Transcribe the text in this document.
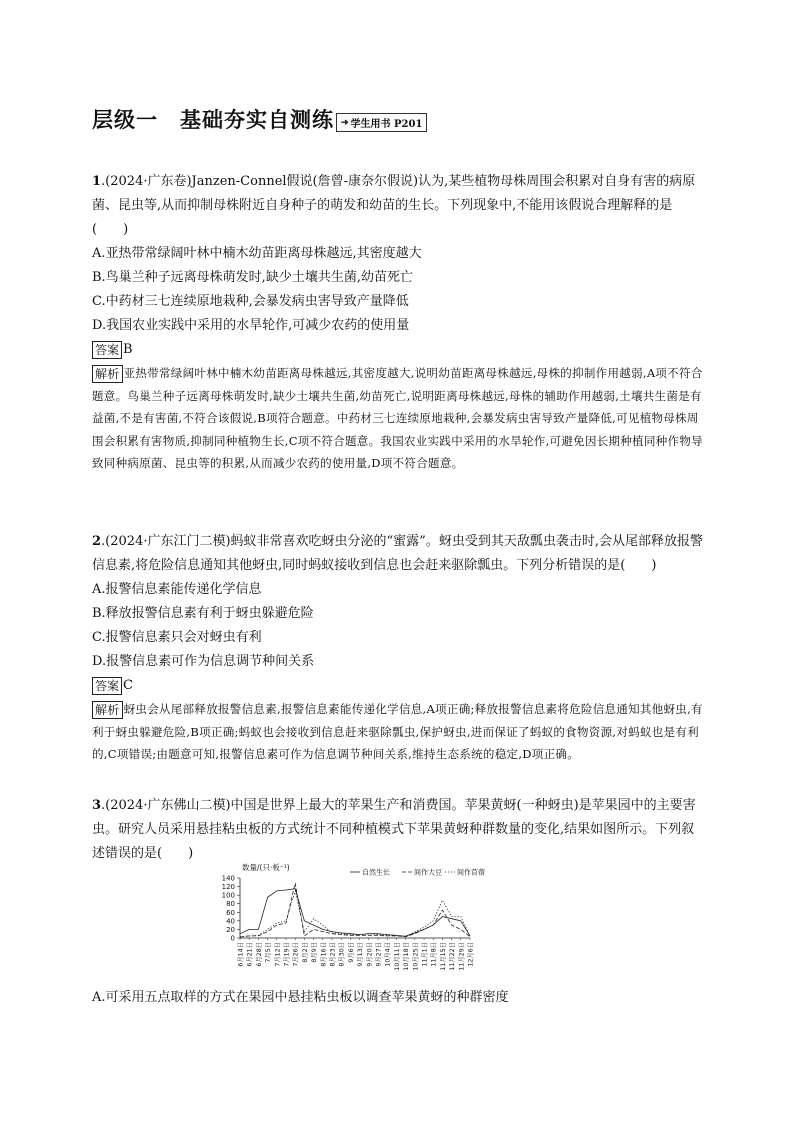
层级一　基础夯实自测练 ➜ 学生用书 P201
1.(2024·广东卷)Janzen-Connel假说(詹曾-康奈尔假说)认为,某些植物母株周围会积累对自身有害的病原菌、昆虫等,从而抑制母株附近自身种子的萌发和幼苗的生长。下列现象中,不能用该假说合理解释的是(　　)
A.亚热带常绿阔叶林中楠木幼苗距离母株越远,其密度越大
B.鸟巢兰种子远离母株萌发时,缺少土壤共生菌,幼苗死亡
C.中药材三七连续原地栽种,会暴发病虫害导致产量降低
D.我国农业实践中采用的水旱轮作,可减少农药的使用量
答案 B
解析 亚热带常绿阔叶林中楠木幼苗距离母株越远,其密度越大,说明幼苗距离母株越远,母株的抑制作用越弱,A项不符合题意。鸟巢兰种子远离母株萌发时,缺少土壤共生菌,幼苗死亡,说明距离母株越远,母株的辅助作用越弱,土壤共生菌是有益菌,不是有害菌,不符合该假说,B项符合题意。中药材三七连续原地栽种,会暴发病虫害导致产量降低,可见植物母株周围会积累有害物质,抑制同种植物生长,C项不符合题意。我国农业实践中采用的水旱轮作,可避免因长期种植同种作物导致同种病原菌、昆虫等的积累,从而减少农药的使用量,D项不符合题意。
2.(2024·广东江门二模)蚂蚁非常喜欢吃蚜虫分泌的“蜜露”。蚜虫受到其天敌瓢虫袭击时,会从尾部释放报警信息素,将危险信息通知其他蚜虫,同时蚂蚁接收到信息也会赶来驱除瓢虫。下列分析错误的是(　　)
A.报警信息素能传递化学信息
B.释放报警信息素有利于蚜虫躲避危险
C.报警信息素只会对蚜虫有利
D.报警信息素可作为信息调节种间关系
答案 C
解析 蚜虫会从尾部释放报警信息素,报警信息素能传递化学信息,A项正确;释放报警信息素将危险信息通知其他蚜虫,有利于蚜虫躲避危险,B项正确;蚂蚁也会接收到信息赶来驱除瓢虫,保护蚜虫,进而保证了蚂蚁的食物资源,对蚂蚁也是有利的,C项错误;由题意可知,报警信息素可作为信息调节种间关系,维持生态系统的稳定,D项正确。
3.(2024·广东佛山二模)中国是世界上最大的苹果生产和消费国。苹果黄蚜(一种蚜虫)是苹果园中的主要害虫。研究人员采用悬挂粘虫板的方式统计不同种植模式下苹果黄蚜种群数量的变化,结果如图所示。下列叙述错误的是(　　)
A.可采用五点取样的方式在果园中悬挂粘虫板以调查苹果黄蚜的种群密度
0
20
40
60
80
100
120
140
数量/(只·板⁻¹)
6月14日 6月21日 6月28日 7月5日 7月12日 7月19日 7月26日 8月2日 8月9日 8月16日 8月23日 8月30日 9月6日 9月13日 9月20日 9月27日 10月4日 10月11日 10月18日 10月25日 11月1日 11月8日 11月15日 11月22日 11月29日 12月6日
自然生长	间作大豆 间作苜蓿
